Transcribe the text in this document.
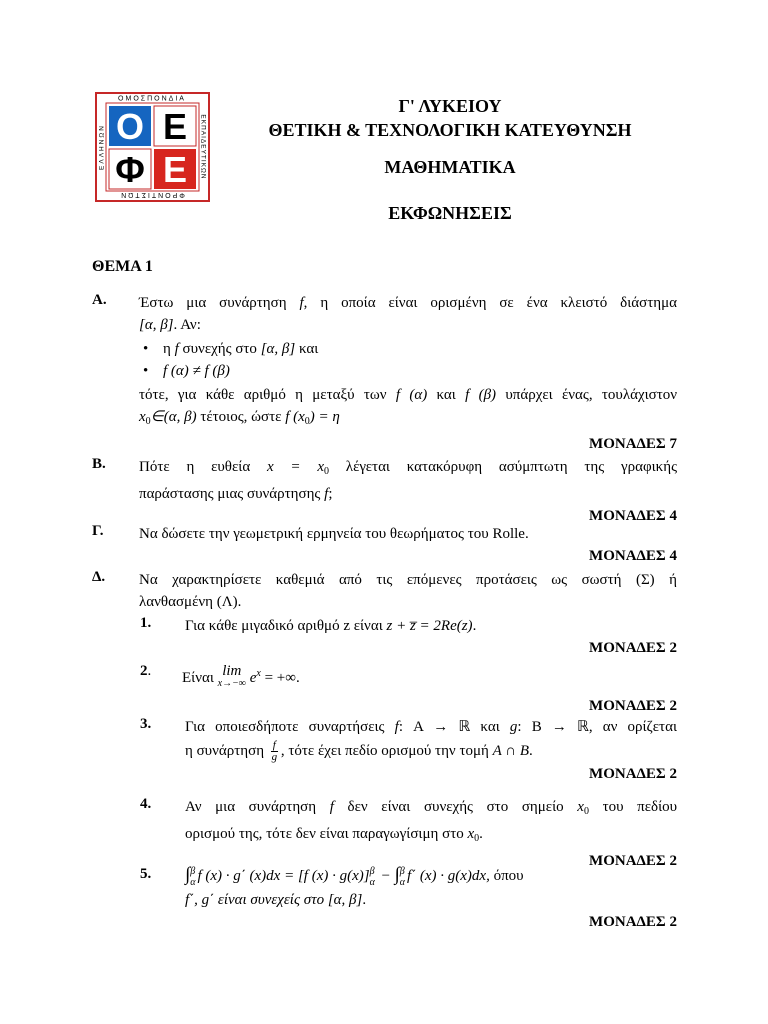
ΟΜΟΣΠΟΝΔΙΑ
ΦΡΟΝΤΙΣΤΩΝ
ΕΛΛΗΝΩΝ	ΕΚΠΑΙΔΕΥΤΙΚΩΝ
Ο Ε
Φ Ε
Γ' ΛΥΚΕΙΟΥ
ΘΕΤΙΚΗ & ΤΕΧΝΟΛΟΓΙΚΗ ΚΑΤΕΥΘΥΝΣΗ
ΜΑΘΗΜΑΤΙΚΑ
ΕΚΦΩΝΗΣΕΙΣ
ΘΕΜΑ 1
Α. Έστω μια συνάρτηση f, η οποία είναι ορισμένη σε ένα κλειστό διάστημα
[α, β]. Αν:
• η f συνεχής στο [α, β] και
• f (α) ≠ f (β)
τότε, για κάθε αριθμό η μεταξύ των f (α) και f (β) υπάρχει ένας, τουλάχιστον
$x_0\in(\alpha$, β) τέτοιος, ώστε f $(x_0) = \eta$
ΜΟΝΑΔΕΣ 7
Β. Πότε η ευθεία $x = x_0$ λέγεται κατακόρυφη ασύμπτωτη της γραφικής
παράστασης μιας συνάρτησης f;
ΜΟΝΑΔΕΣ 4
Γ. Να δώσετε την γεωμετρική ερμηνεία του θεωρήματος του Rolle.
ΜΟΝΑΔΕΣ 4
Δ. Να χαρακτηρίσετε καθεμιά από τις επόμενες προτάσεις ως σωστή (Σ) ή
λανθασμένη (Λ).
1. Για κάθε μιγαδικό αριθμό z είναι z + z̅ = 2Re(z).
ΜΟΝΑΔΕΣ 2
2. Είναι lim
x→−∞ $e^x$ = +∞.
ΜΟΝΑΔΕΣ 2
3. Για οποιεσδήποτε συναρτήσεις f: Α → ℝ και g: Β → ℝ, αν ορίζεται
η συνάρτηση $\frac{f}{g}$ , τότε έχει πεδίο ορισμού την τομή A ∩ B.
ΜΟΝΑΔΕΣ 2
4. Αν μια συνάρτηση f δεν είναι συνεχής στο σημείο $x_0$ του πεδίου
ορισμού της, τότε δεν είναι παραγωγίσιμη στο $x_0$.
ΜΟΝΑΔΕΣ 2
5. ∫ β
α f (x) · g΄ (x)dx = [f (x) · g(x)] β
α − ∫ β
α f΄ (x) · g(x)dx, όπου
f΄, g΄ είναι συνεχείς στο [α, β].
ΜΟΝΑΔΕΣ 2
